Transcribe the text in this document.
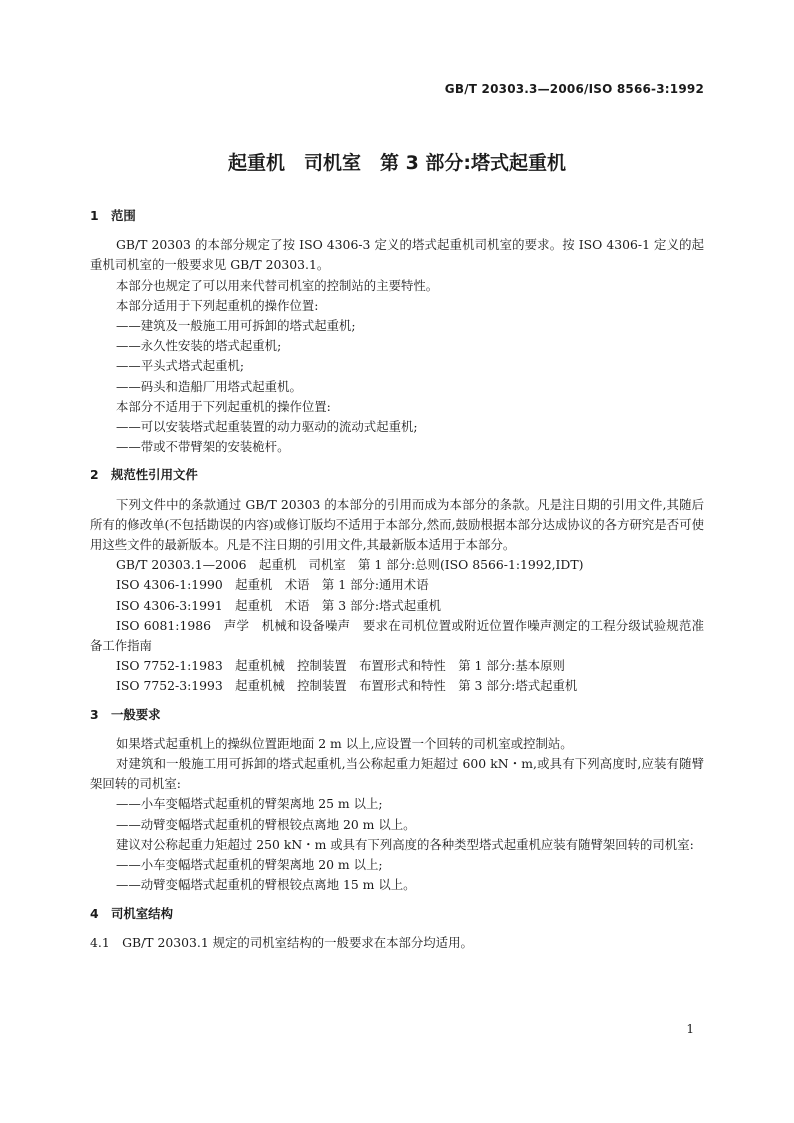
GB/T 20303.3—2006/ISO 8566-3:1992
起重机　司机室　第 3 部分:塔式起重机
1　范围

GB/T 20303 的本部分规定了按 ISO 4306-3 定义的塔式起重机司机室的要求。按 ISO 4306-1 定义的起重机司机室的一般要求见 GB/T 20303.1。

本部分也规定了可以用来代替司机室的控制站的主要特性。

本部分适用于下列起重机的操作位置:

——建筑及一般施工用可拆卸的塔式起重机;

——永久性安装的塔式起重机;

——平头式塔式起重机;

——码头和造船厂用塔式起重机。

本部分不适用于下列起重机的操作位置:

——可以安装塔式起重装置的动力驱动的流动式起重机;

——带或不带臂架的安装桅杆。

2　规范性引用文件

下列文件中的条款通过 GB/T 20303 的本部分的引用而成为本部分的条款。凡是注日期的引用文件,其随后所有的修改单(不包括勘误的内容)或修订版均不适用于本部分,然而,鼓励根据本部分达成协议的各方研究是否可使用这些文件的最新版本。凡是不注日期的引用文件,其最新版本适用于本部分。

GB/T 20303.1—2006　起重机　司机室　第 1 部分:总则(ISO 8566-1:1992,IDT)

ISO 4306-1:1990　起重机　术语　第 1 部分:通用术语

ISO 4306-3:1991　起重机　术语　第 3 部分:塔式起重机

ISO 6081:1986　声学　机械和设备噪声　要求在司机位置或附近位置作噪声测定的工程分级试验规范准备工作指南

ISO 7752-1:1983　起重机械　控制装置　布置形式和特性　第 1 部分:基本原则

ISO 7752-3:1993　起重机械　控制装置　布置形式和特性　第 3 部分:塔式起重机

3　一般要求

如果塔式起重机上的操纵位置距地面 2 m 以上,应设置一个回转的司机室或控制站。

对建筑和一般施工用可拆卸的塔式起重机,当公称起重力矩超过 600 kN・m,或具有下列高度时,应装有随臂架回转的司机室:

——小车变幅塔式起重机的臂架离地 25 m 以上;

——动臂变幅塔式起重机的臂根铰点离地 20 m 以上。

建议对公称起重力矩超过 250 kN・m 或具有下列高度的各种类型塔式起重机应装有随臂架回转的司机室:

——小车变幅塔式起重机的臂架离地 20 m 以上;

——动臂变幅塔式起重机的臂根铰点离地 15 m 以上。

4　司机室结构

4.1　GB/T 20303.1 规定的司机室结构的一般要求在本部分均适用。

1
